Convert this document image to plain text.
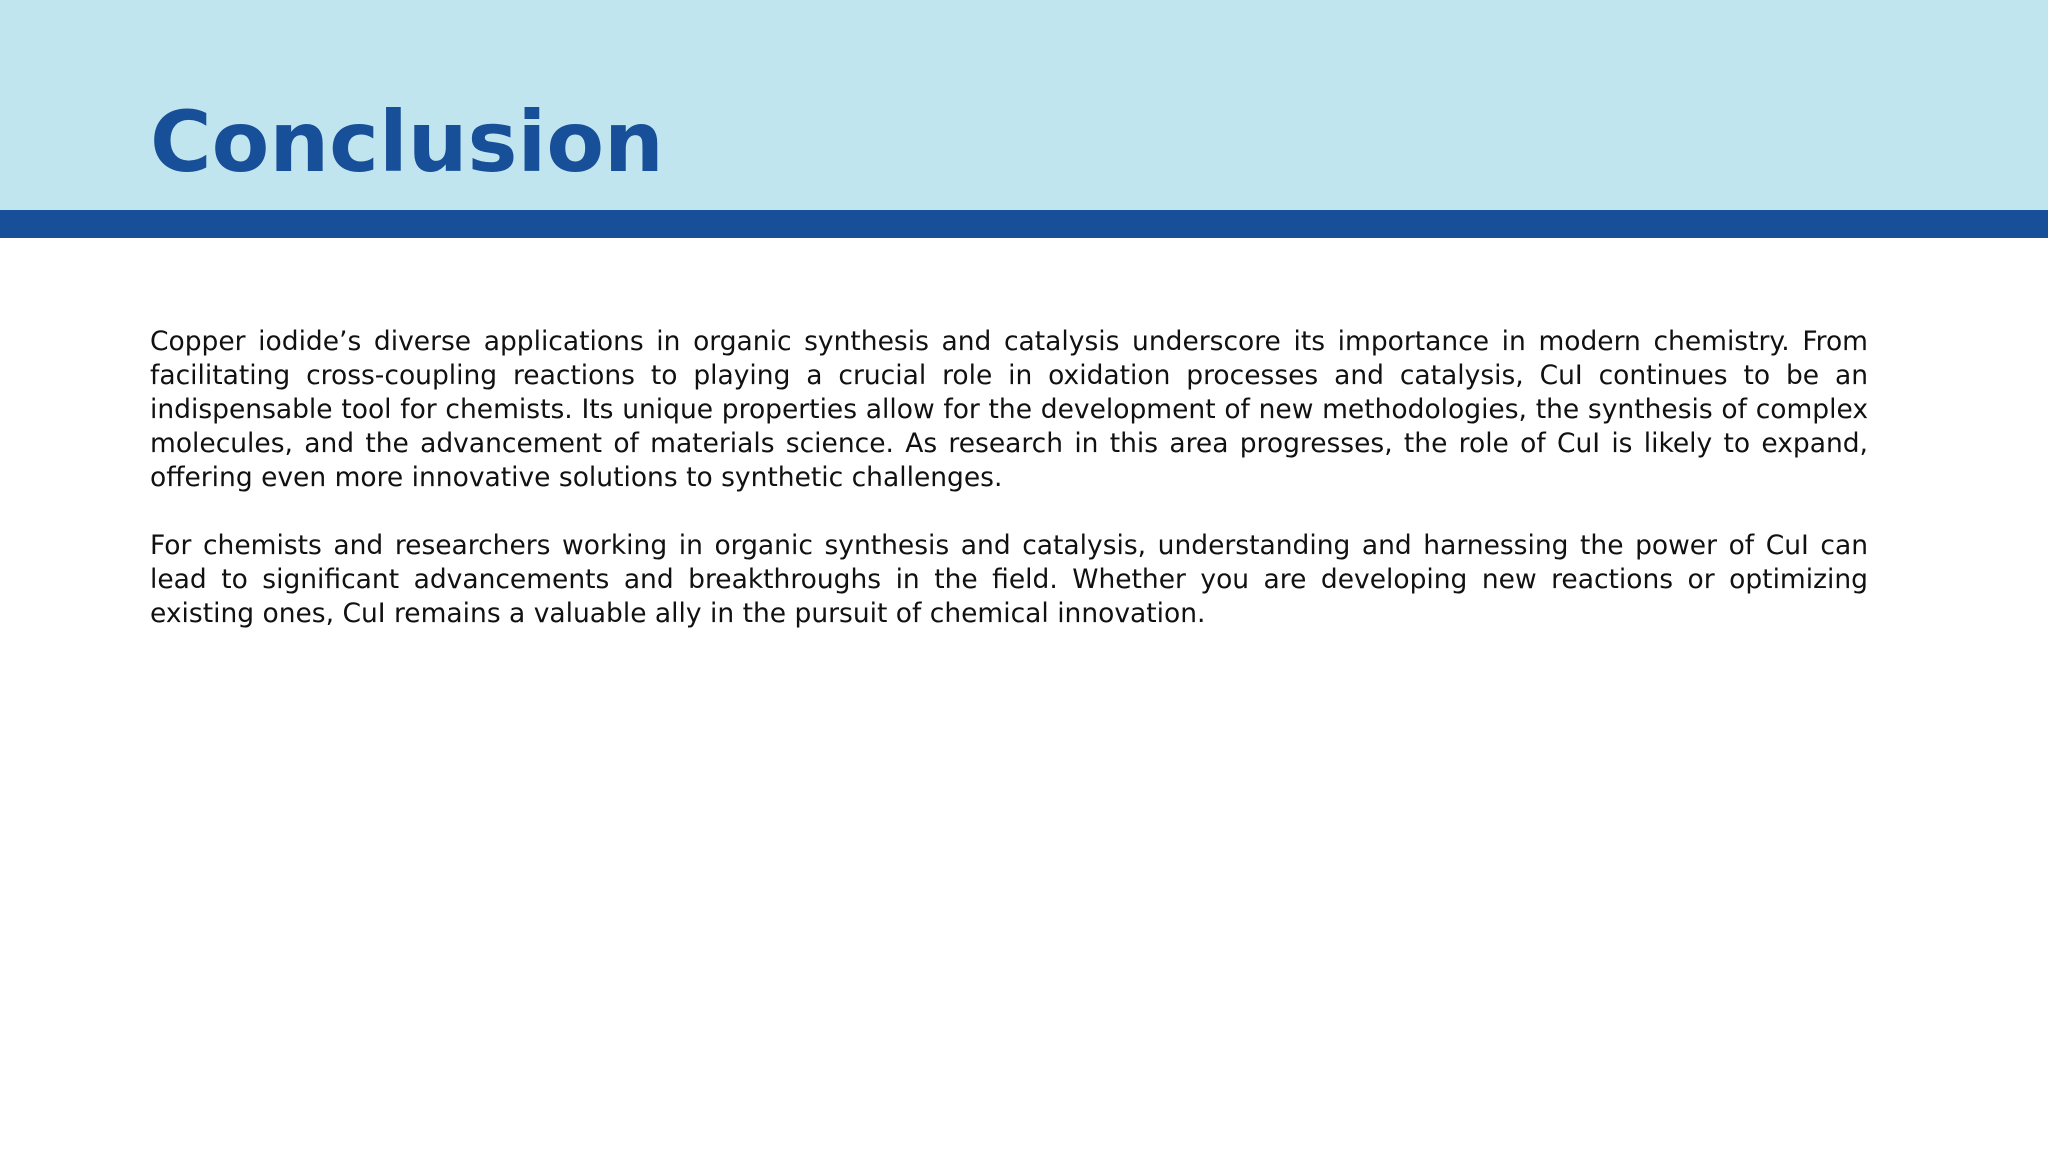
Conclusion

Copper iodide’s diverse applications in organic synthesis and catalysis underscore its importance in modern chemistry. From facilitating cross-coupling reactions to playing a crucial role in oxidation processes and catalysis, CuI continues to be an indispensable tool for chemists. Its unique properties allow for the development of new methodologies, the synthesis of complex molecules, and the advancement of materials science. As research in this area progresses, the role of CuI is likely to expand, offering even more innovative solutions to synthetic challenges.

For chemists and researchers working in organic synthesis and catalysis, understanding and harnessing the power of CuI can lead to significant advancements and breakthroughs in the field. Whether you are developing new reactions or optimizing existing ones, CuI remains a valuable ally in the pursuit of chemical innovation.
